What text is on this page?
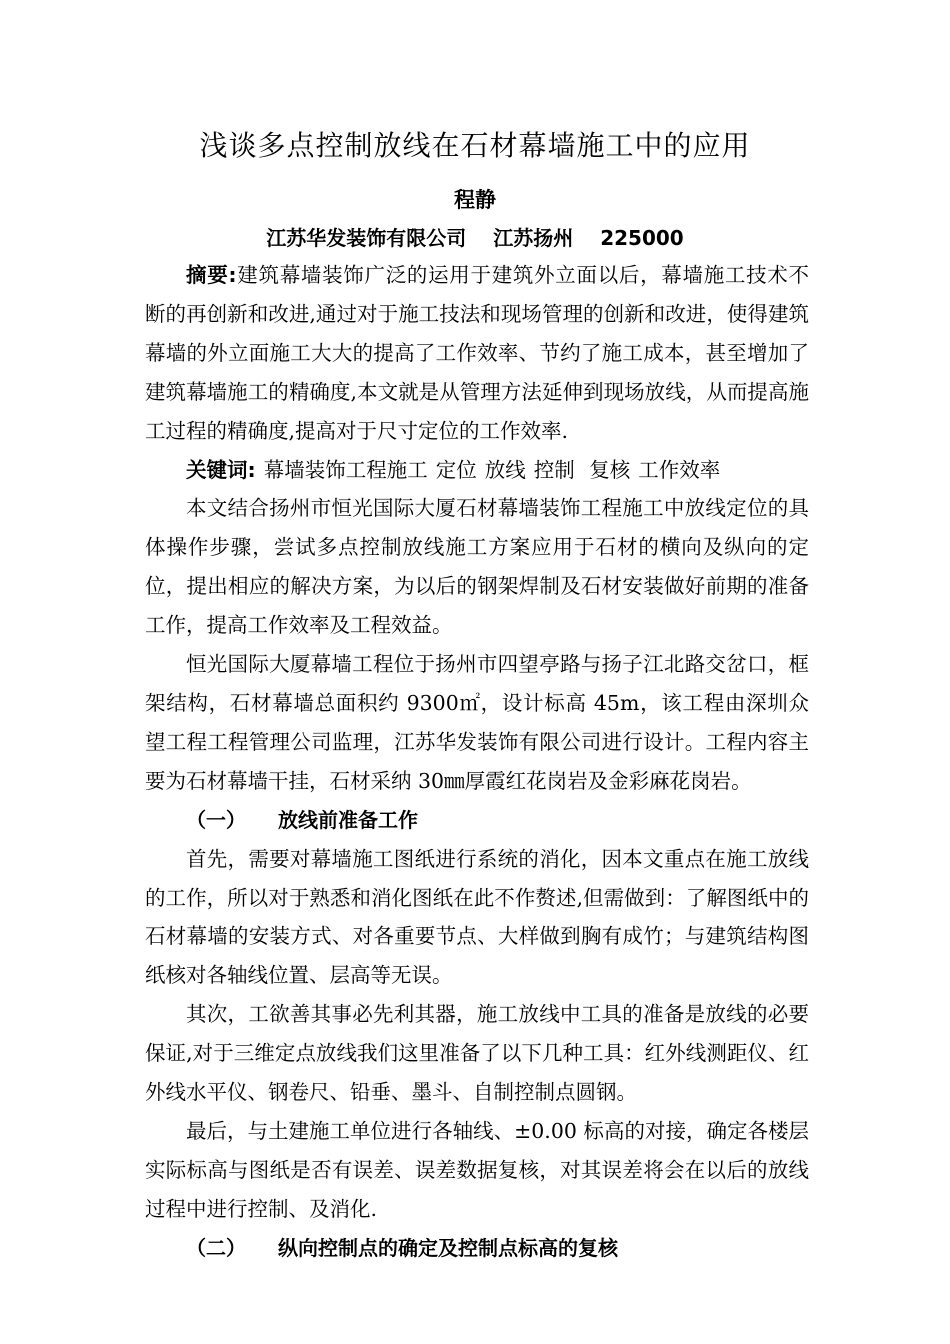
浅谈多点控制放线在石材幕墙施工中的应用
程静
江苏华发装饰有限公司 江苏扬州 225000

摘要:建筑幕墙装饰广泛的运用于建筑外立面以后，幕墙施工技术不断的再创新和改进,通过对于施工技法和现场管理的创新和改进，使得建筑幕墙的外立面施工大大的提高了工作效率、节约了施工成本，甚至增加了建筑幕墙施工的精确度,本文就是从管理方法延伸到现场放线，从而提高施工过程的精确度,提高对于尺寸定位的工作效率.

关键词: 幕墙装饰工程施工 定位 放线 控制 复核 工作效率

本文结合扬州市恒光国际大厦石材幕墙装饰工程施工中放线定位的具体操作步骤，尝试多点控制放线施工方案应用于石材的横向及纵向的定位，提出相应的解决方案，为以后的钢架焊制及石材安装做好前期的准备工作，提高工作效率及工程效益。

恒光国际大厦幕墙工程位于扬州市四望亭路与扬子江北路交岔口，框架结构，石材幕墙总面积约 9300㎡，设计标高 45m，该工程由深圳众望工程工程管理公司监理，江苏华发装饰有限公司进行设计。工程内容主要为石材幕墙干挂，石材采纳 30㎜厚霞红花岗岩及金彩麻花岗岩。

（一） 放线前准备工作

首先，需要对幕墙施工图纸进行系统的消化，因本文重点在施工放线的工作，所以对于熟悉和消化图纸在此不作赘述,但需做到：了解图纸中的石材幕墙的安装方式、对各重要节点、大样做到胸有成竹；与建筑结构图纸核对各轴线位置、层高等无误。

其次，工欲善其事必先利其器，施工放线中工具的准备是放线的必要保证,对于三维定点放线我们这里准备了以下几种工具：红外线测距仪、红外线水平仪、钢卷尺、铅垂、墨斗、自制控制点圆钢。

最后，与土建施工单位进行各轴线、±0.00 标高的对接，确定各楼层实际标高与图纸是否有误差、误差数据复核，对其误差将会在以后的放线过程中进行控制、及消化.

（二） 纵向控制点的确定及控制点标高的复核
